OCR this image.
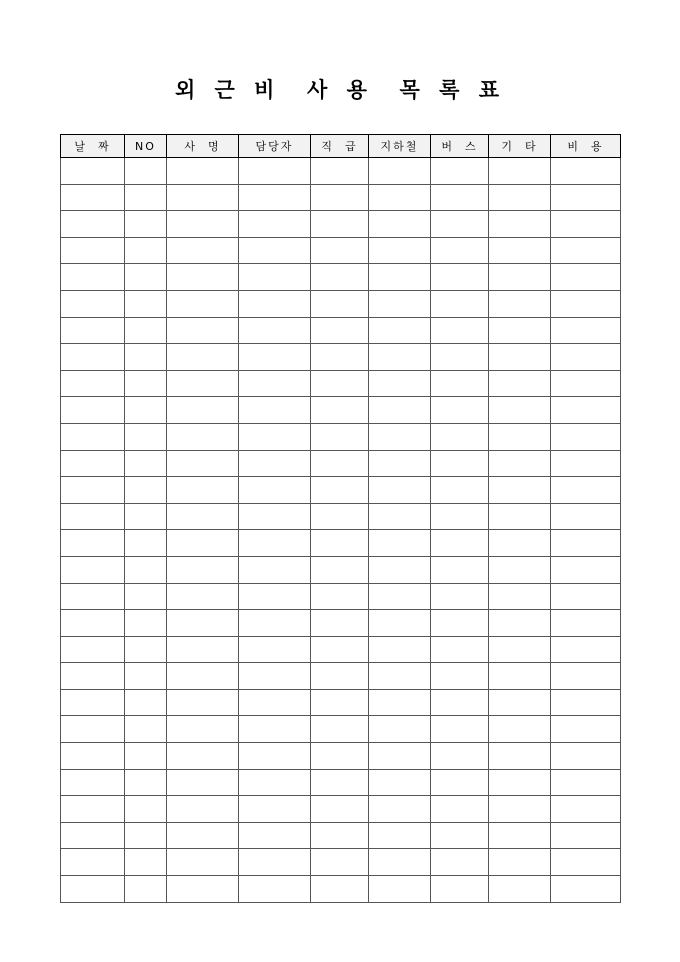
외 근 비  사 용  목 록 표
날  짜	NO	사  명	담당자	직  급	지하철	버  스	기  타	비  용
